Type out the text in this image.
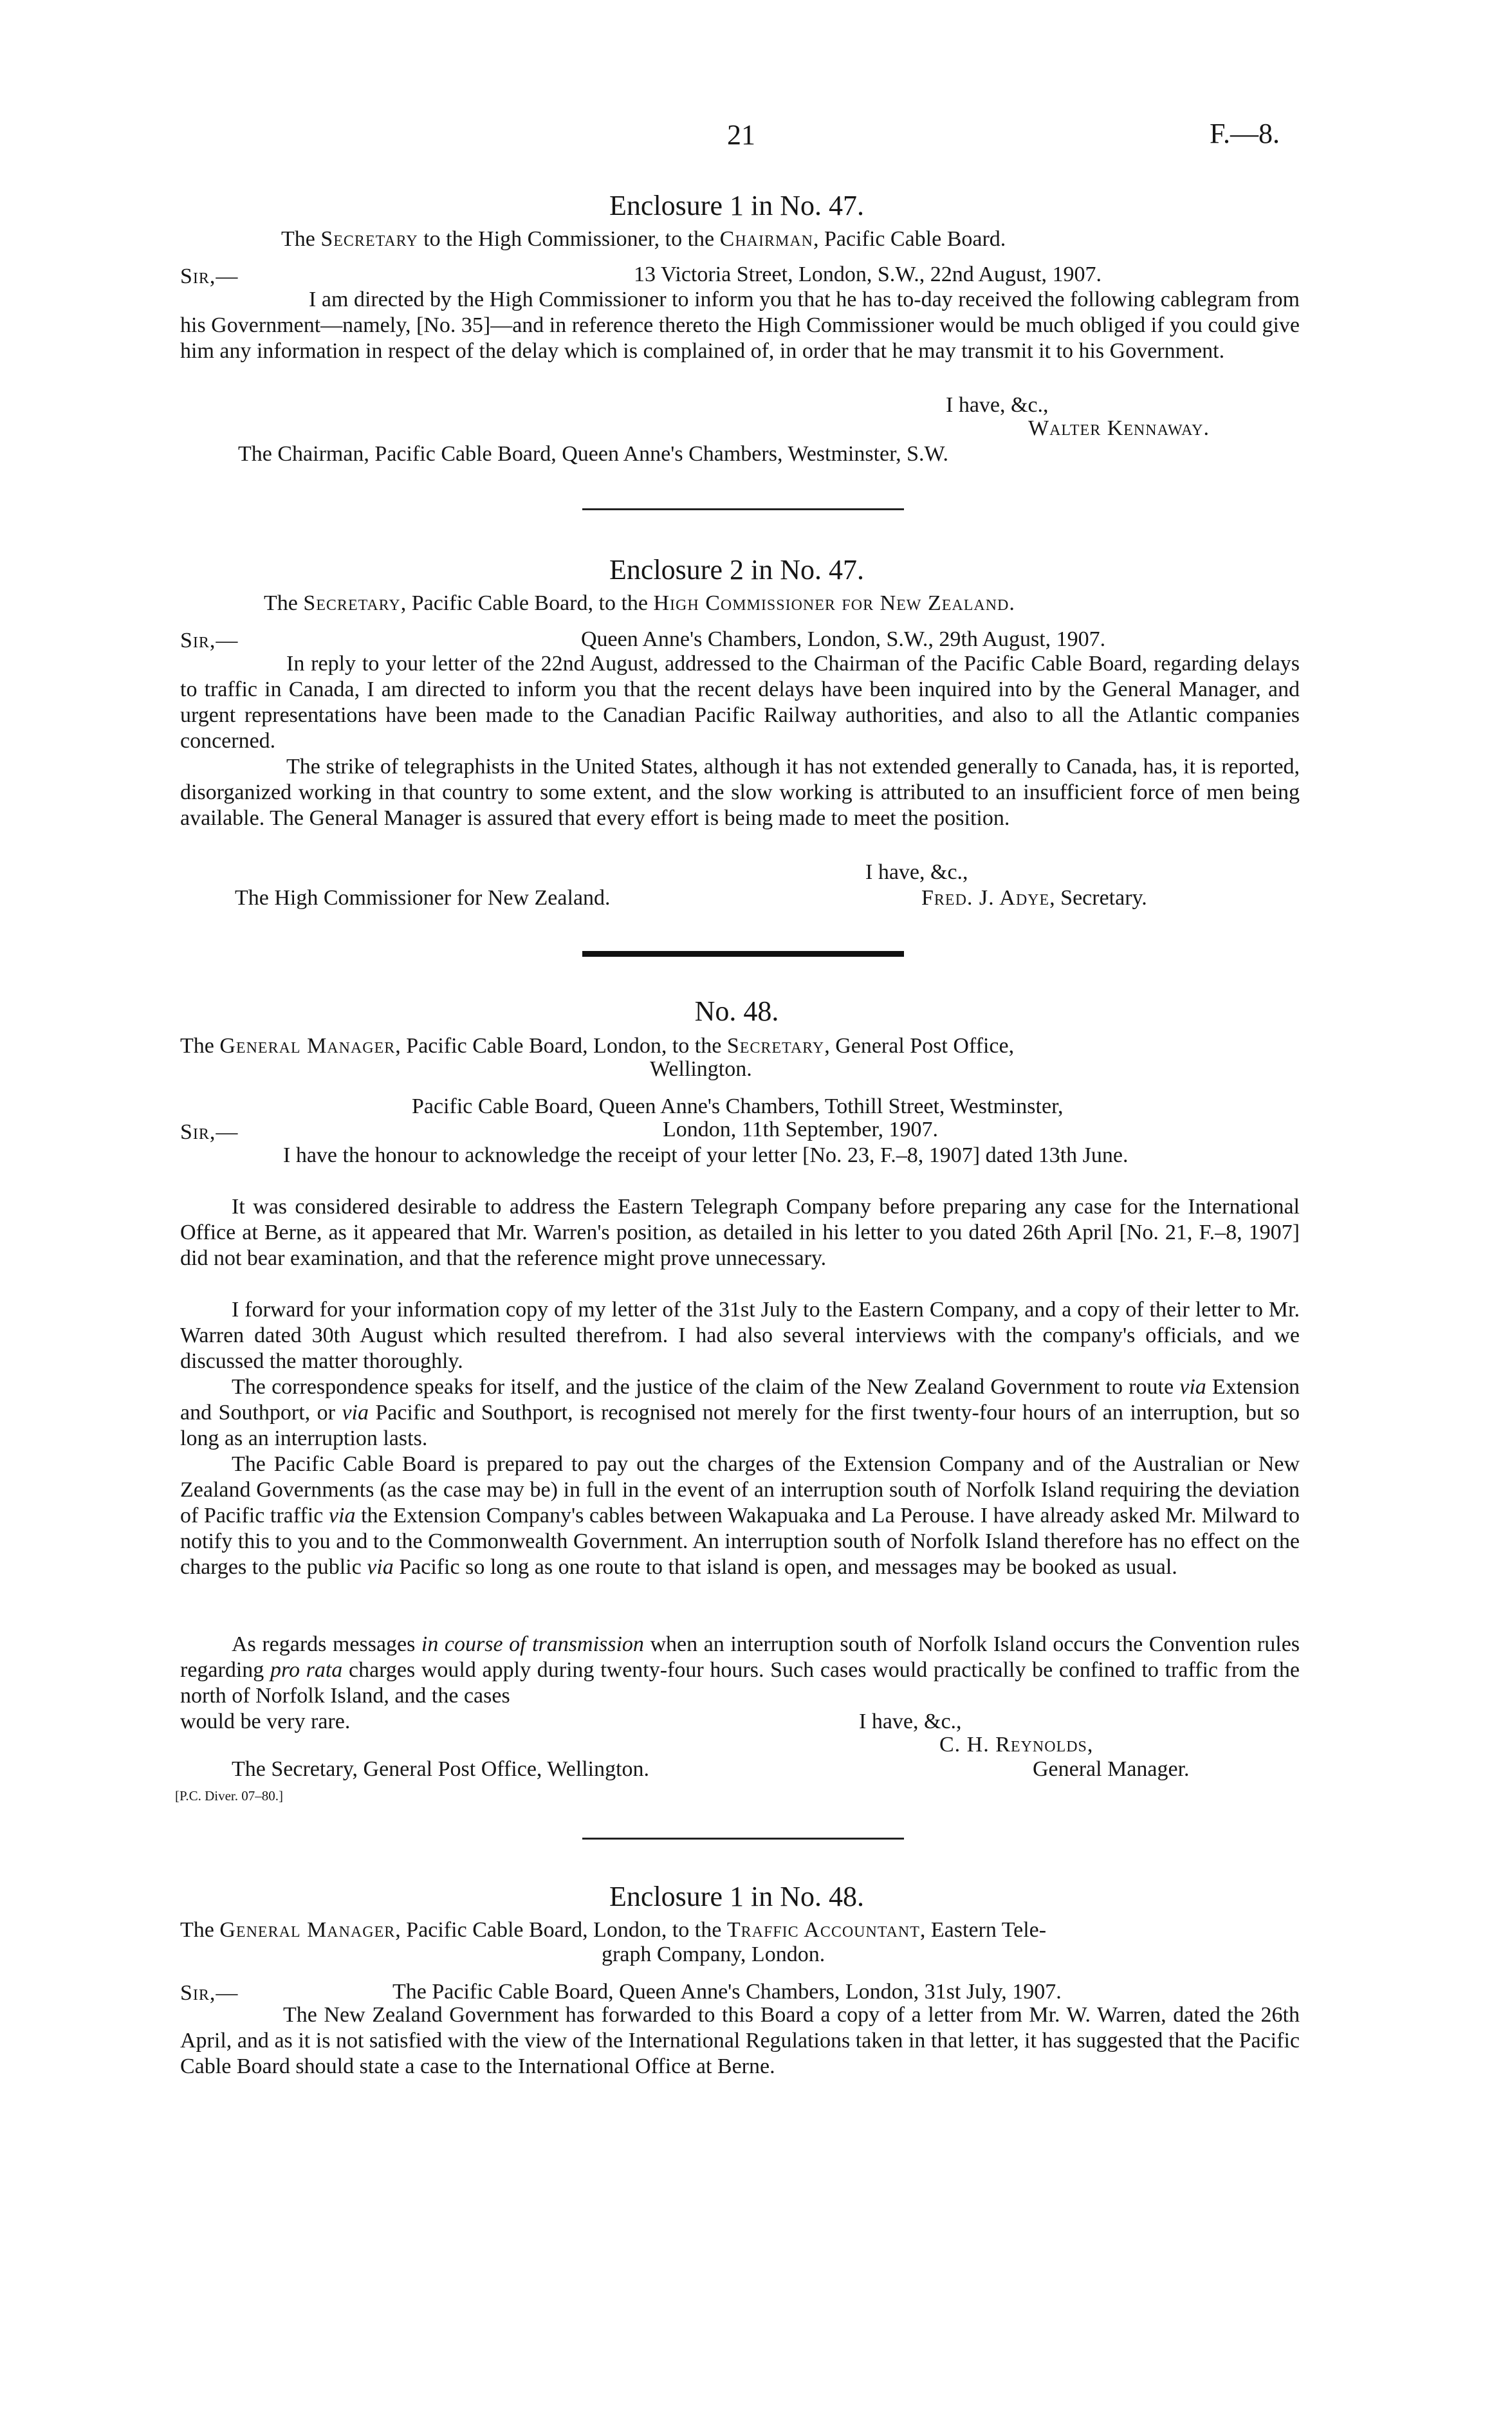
21	F.—8.
Enclosure 1 in No. 47.
The Secretary to the High Commissioner, to the Chairman, Pacific Cable Board.
Sir,—	13 Victoria Street, London, S.W., 22nd August, 1907.

I am directed by the High Commissioner to inform you that he has to-day received the following cablegram from his Government—namely, [No. 35]—and in reference thereto the High Commissioner would be much obliged if you could give him any information in respect of the delay which is complained of, in order that he may transmit it to his Government.

I have, &c.,
Walter Kennaway.
The Chairman, Pacific Cable Board, Queen Anne's Chambers, Westminster, S.W.
Enclosure 2 in No. 47.
The Secretary, Pacific Cable Board, to the High Commissioner for New Zealand.
Sir,—	Queen Anne's Chambers, London, S.W., 29th August, 1907.

In reply to your letter of the 22nd August, addressed to the Chairman of the Pacific Cable Board, regarding delays to traffic in Canada, I am directed to inform you that the recent delays have been inquired into by the General Manager, and urgent representations have been made to the Canadian Pacific Railway authorities, and also to all the Atlantic companies concerned.

The strike of telegraphists in the United States, although it has not extended generally to Canada, has, it is reported, disorganized working in that country to some extent, and the slow working is attributed to an insufficient force of men being available. The General Manager is assured that every effort is being made to meet the position.

I have, &c.,
The High Commissioner for New Zealand.	Fred. J. Adye, Secretary.
No. 48.
The General Manager, Pacific Cable Board, London, to the Secretary, General Post Office,
Wellington.
Pacific Cable Board, Queen Anne's Chambers, Tothill Street, Westminster,
Sir,—	London, 11th September, 1907.

I have the honour to acknowledge the receipt of your letter [No. 23, F.–8, 1907] dated 13th June.

It was considered desirable to address the Eastern Telegraph Company before preparing any case for the International Office at Berne, as it appeared that Mr. Warren's position, as detailed in his letter to you dated 26th April [No. 21, F.–8, 1907] did not bear examination, and that the reference might prove unnecessary.

I forward for your information copy of my letter of the 31st July to the Eastern Company, and a copy of their letter to Mr. Warren dated 30th August which resulted therefrom. I had also several interviews with the company's officials, and we discussed the matter thoroughly.

The correspondence speaks for itself, and the justice of the claim of the New Zealand Government to route via Extension and Southport, or via Pacific and Southport, is recognised not merely for the first twenty-four hours of an interruption, but so long as an interruption lasts.

The Pacific Cable Board is prepared to pay out the charges of the Extension Company and of the Australian or New Zealand Governments (as the case may be) in full in the event of an interruption south of Norfolk Island requiring the deviation of Pacific traffic via the Extension Company's cables between Wakapuaka and La Perouse. I have already asked Mr. Milward to notify this to you and to the Commonwealth Government. An interruption south of Norfolk Island therefore has no effect on the charges to the public via Pacific so long as one route to that island is open, and messages may be booked as usual.

As regards messages in course of transmission when an interruption south of Norfolk Island occurs the Convention rules regarding pro rata charges would apply during twenty-four hours. Such cases would practically be confined to traffic from the north of Norfolk Island, and the cases

would be very rare.	I have, &c.,
C. H. Reynolds,
General Manager.
The Secretary, General Post Office, Wellington.
[P.C. Diver. 07–80.]
Enclosure 1 in No. 48.
The General Manager, Pacific Cable Board, London, to the Traffic Accountant, Eastern Tele-
graph Company, London.
Sir,—	The Pacific Cable Board, Queen Anne's Chambers, London, 31st July, 1907.

The New Zealand Government has forwarded to this Board a copy of a letter from Mr. W. Warren, dated the 26th April, and as it is not satisfied with the view of the International Regulations taken in that letter, it has suggested that the Pacific Cable Board should state a case to the International Office at Berne.
